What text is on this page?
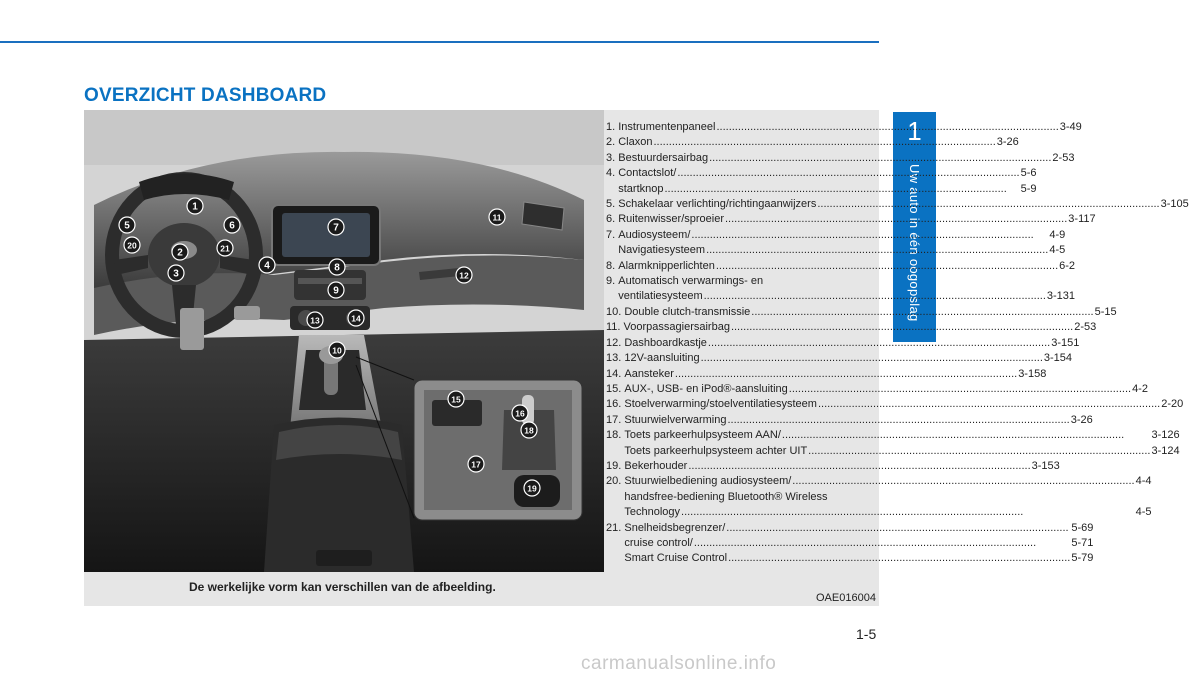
OVERZICHT DASHBOARD
1
Uw auto in één oogopslag
1
2
3
4
5	6	7
8
9
10
11
12
13	14
15
16
17
18
19
20	21
1. Instrumentenpaneel .....	3-49
2. Claxon .....	3-26
3. Bestuurdersairbag .....	2-53
4. Contactslot/ .....	5-6
startknop .....	5-9
5. Schakelaar verlichting/richtingaanwijzers .....	3-105
6. Ruitenwisser/sproeier .....	3-117
7. Audiosysteem/ .....	4-9
Navigatiesysteem .....	4-5
8. Alarmknipperlichten .....	6-2
9. Automatisch verwarmings- en
ventilatiesysteem .....	3-131
10. Double clutch-transmissie .....	5-15
11. Voorpassagiersairbag .....	2-53
12. Dashboardkastje .....	3-151
13. 12V-aansluiting .....	3-154
14. Aansteker .....	3-158
15. AUX-, USB- en iPod®-aansluiting .....	4-2
16. Stoelverwarming/stoelventilatiesysteem .....	2-20
17. Stuurwielverwarming .....	3-26
18. Toets parkeerhulpsysteem AAN/ .....	3-126
Toets parkeerhulpsysteem achter UIT .....	3-124
19. Bekerhouder .....	3-153
20. Stuurwielbediening audiosysteem/ .....	4-4
handsfree-bediening Bluetooth® Wireless
Technology .....	4-5
21. Snelheidsbegrenzer/ .....	5-69
cruise control/ .....	5-71
Smart Cruise Control .....	5-79
De werkelijke vorm kan verschillen van de afbeelding.
OAE016004
1-5
carmanualsonline.info
